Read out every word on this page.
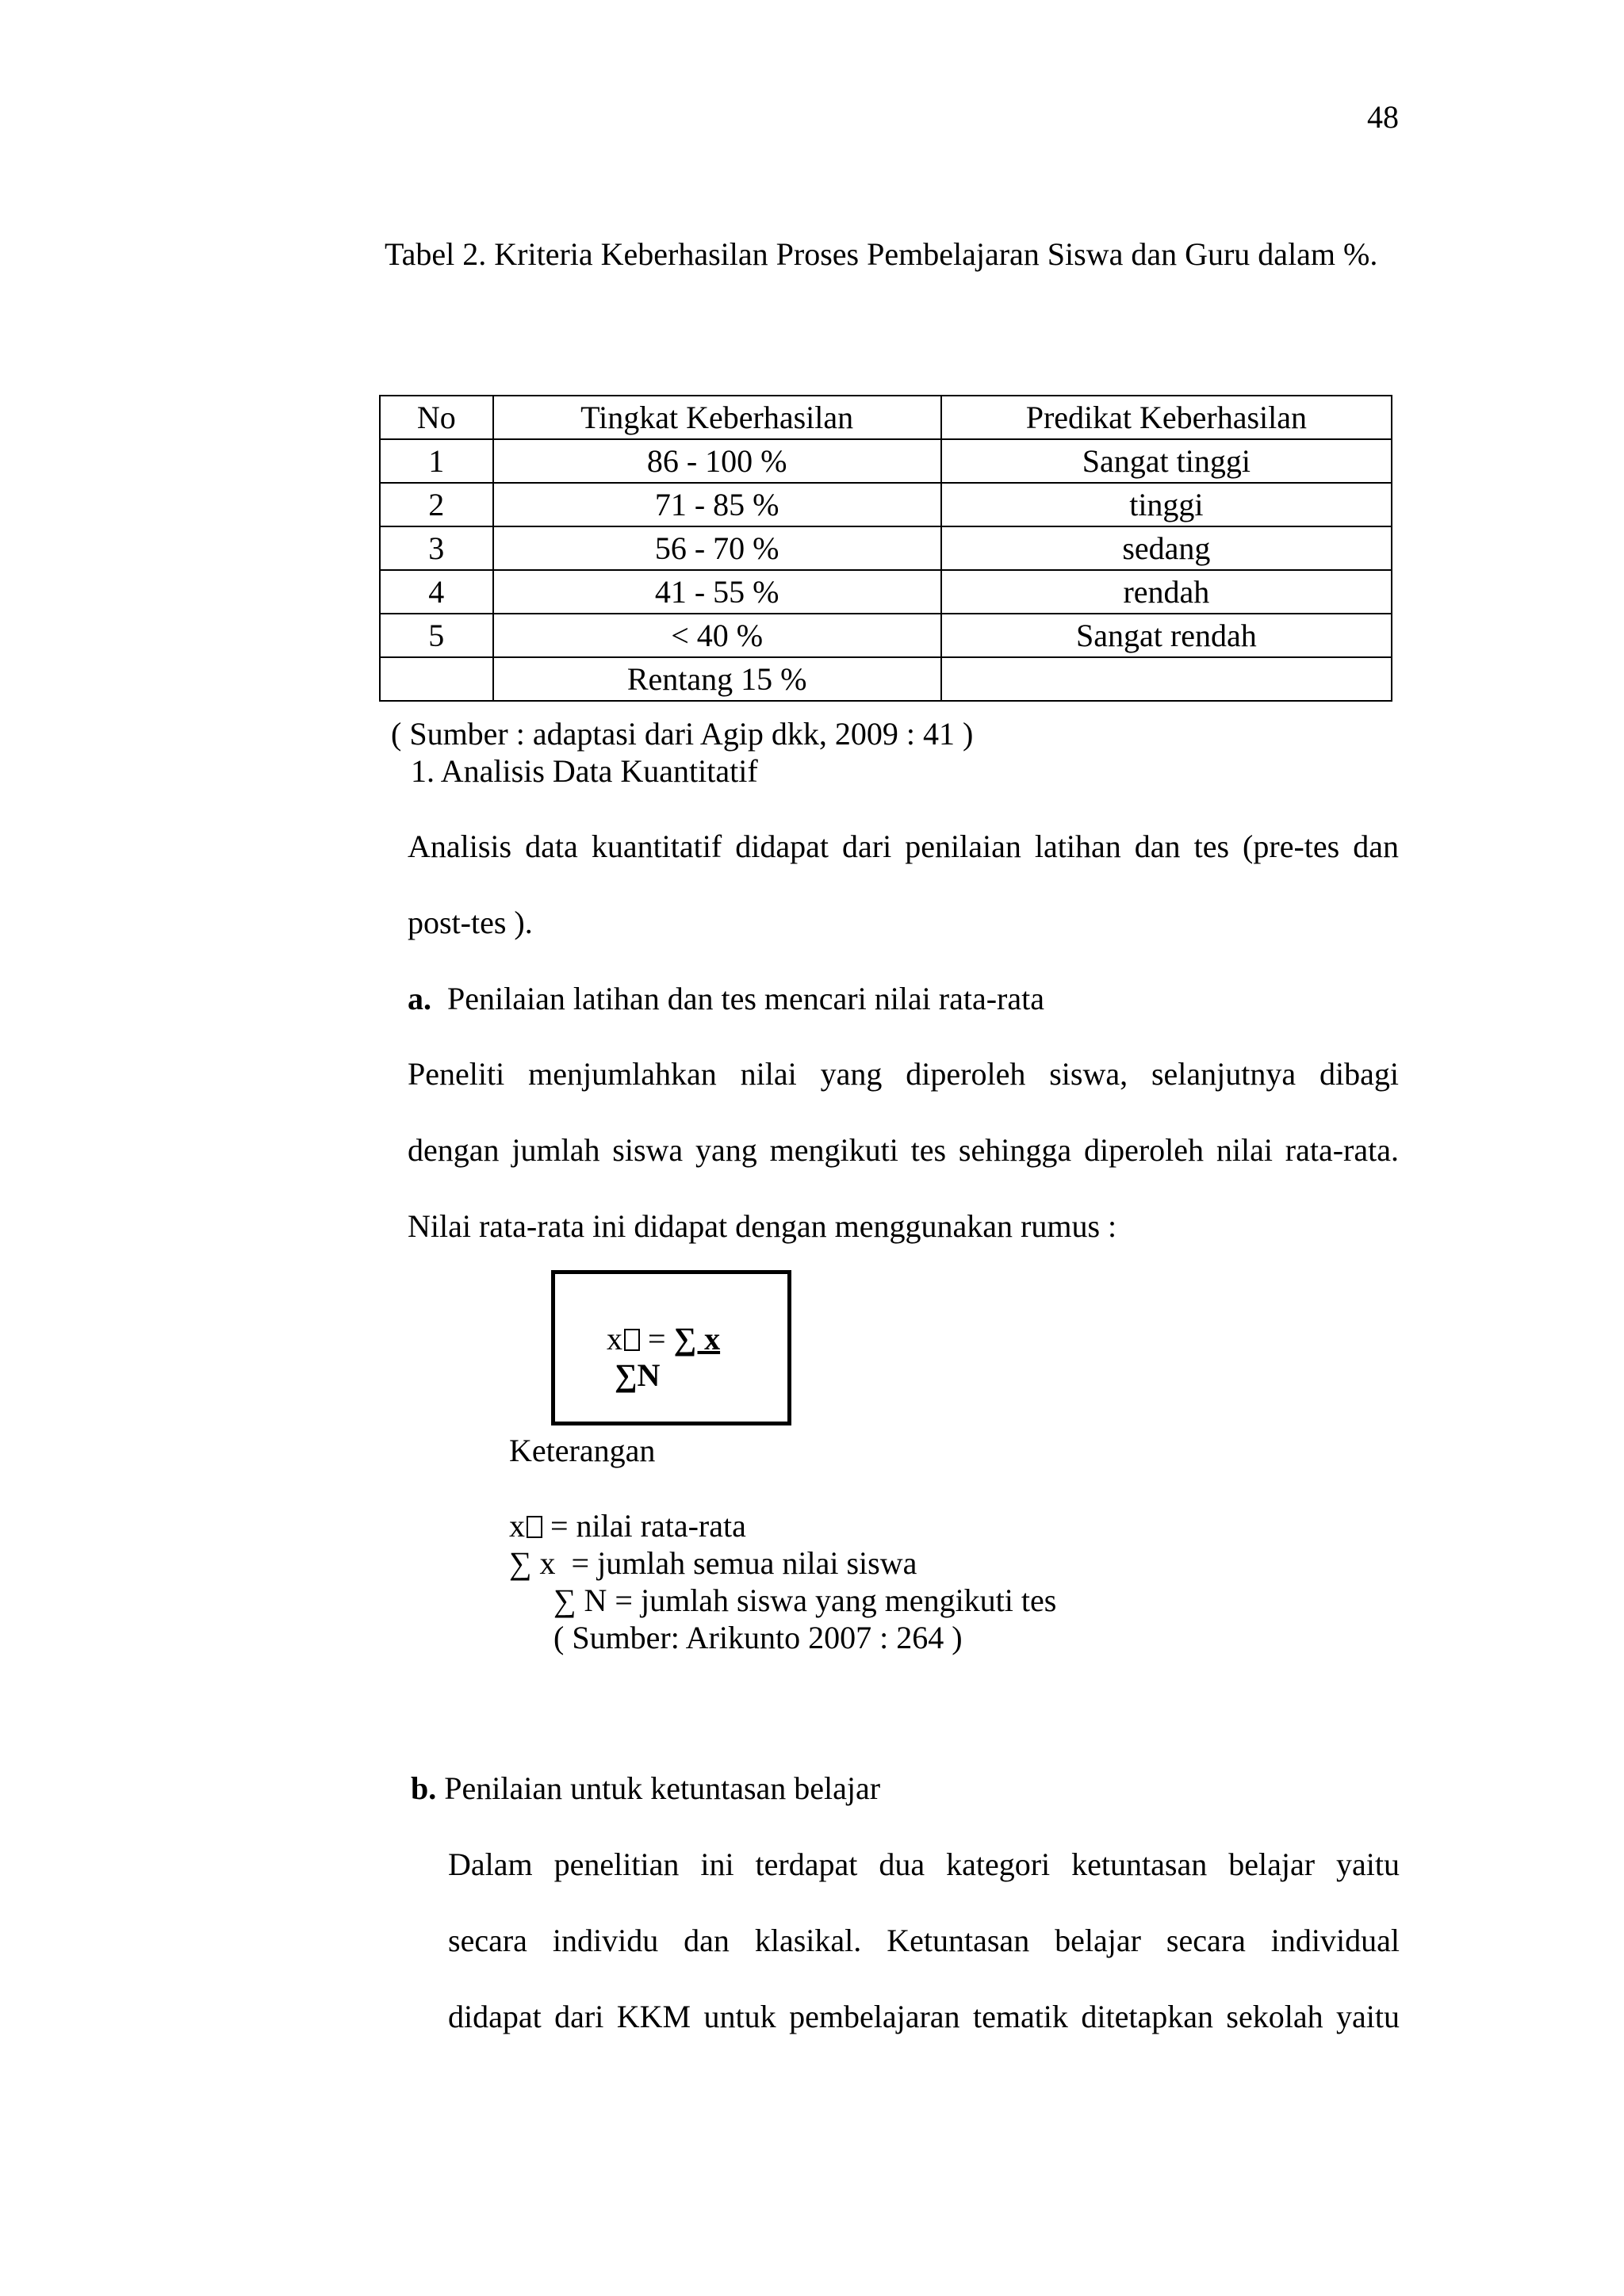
48
Tabel 2. Kriteria Keberhasilan Proses Pembelajaran Siswa dan Guru dalam %.
No	Tingkat Keberhasilan	Predikat Keberhasilan
1	86 - 100 %	Sangat tinggi
2	71 - 85 %	tinggi
3	56 - 70 %	sedang
4	41 - 55 %	rendah
5	< 40 %	Sangat rendah
	Rentang 15 %	
( Sumber : adaptasi dari Agip dkk, 2009 : 41 )
1. Analisis Data Kuantitatif
Analisis data kuantitatif didapat dari penilaian latihan dan tes (pre-tes dan
post-tes ).
a.  Penilaian latihan dan tes mencari nilai rata-rata
Peneliti menjumlahkan nilai yang diperoleh siswa, selanjutnya dibagi
dengan jumlah siswa yang mengikuti tes sehingga diperoleh nilai rata-rata.
Nilai rata-rata ini didapat dengan menggunakan rumus :
x = ∑ x
∑N
Keterangan
x = nilai rata-rata
∑ x  = jumlah semua nilai siswa
∑ N = jumlah siswa yang mengikuti tes
( Sumber: Arikunto 2007 : 264 )
b. Penilaian untuk ketuntasan belajar
Dalam penelitian ini terdapat dua kategori ketuntasan belajar yaitu
secara individu dan klasikal. Ketuntasan belajar secara individual
didapat dari KKM untuk pembelajaran tematik ditetapkan sekolah yaitu
